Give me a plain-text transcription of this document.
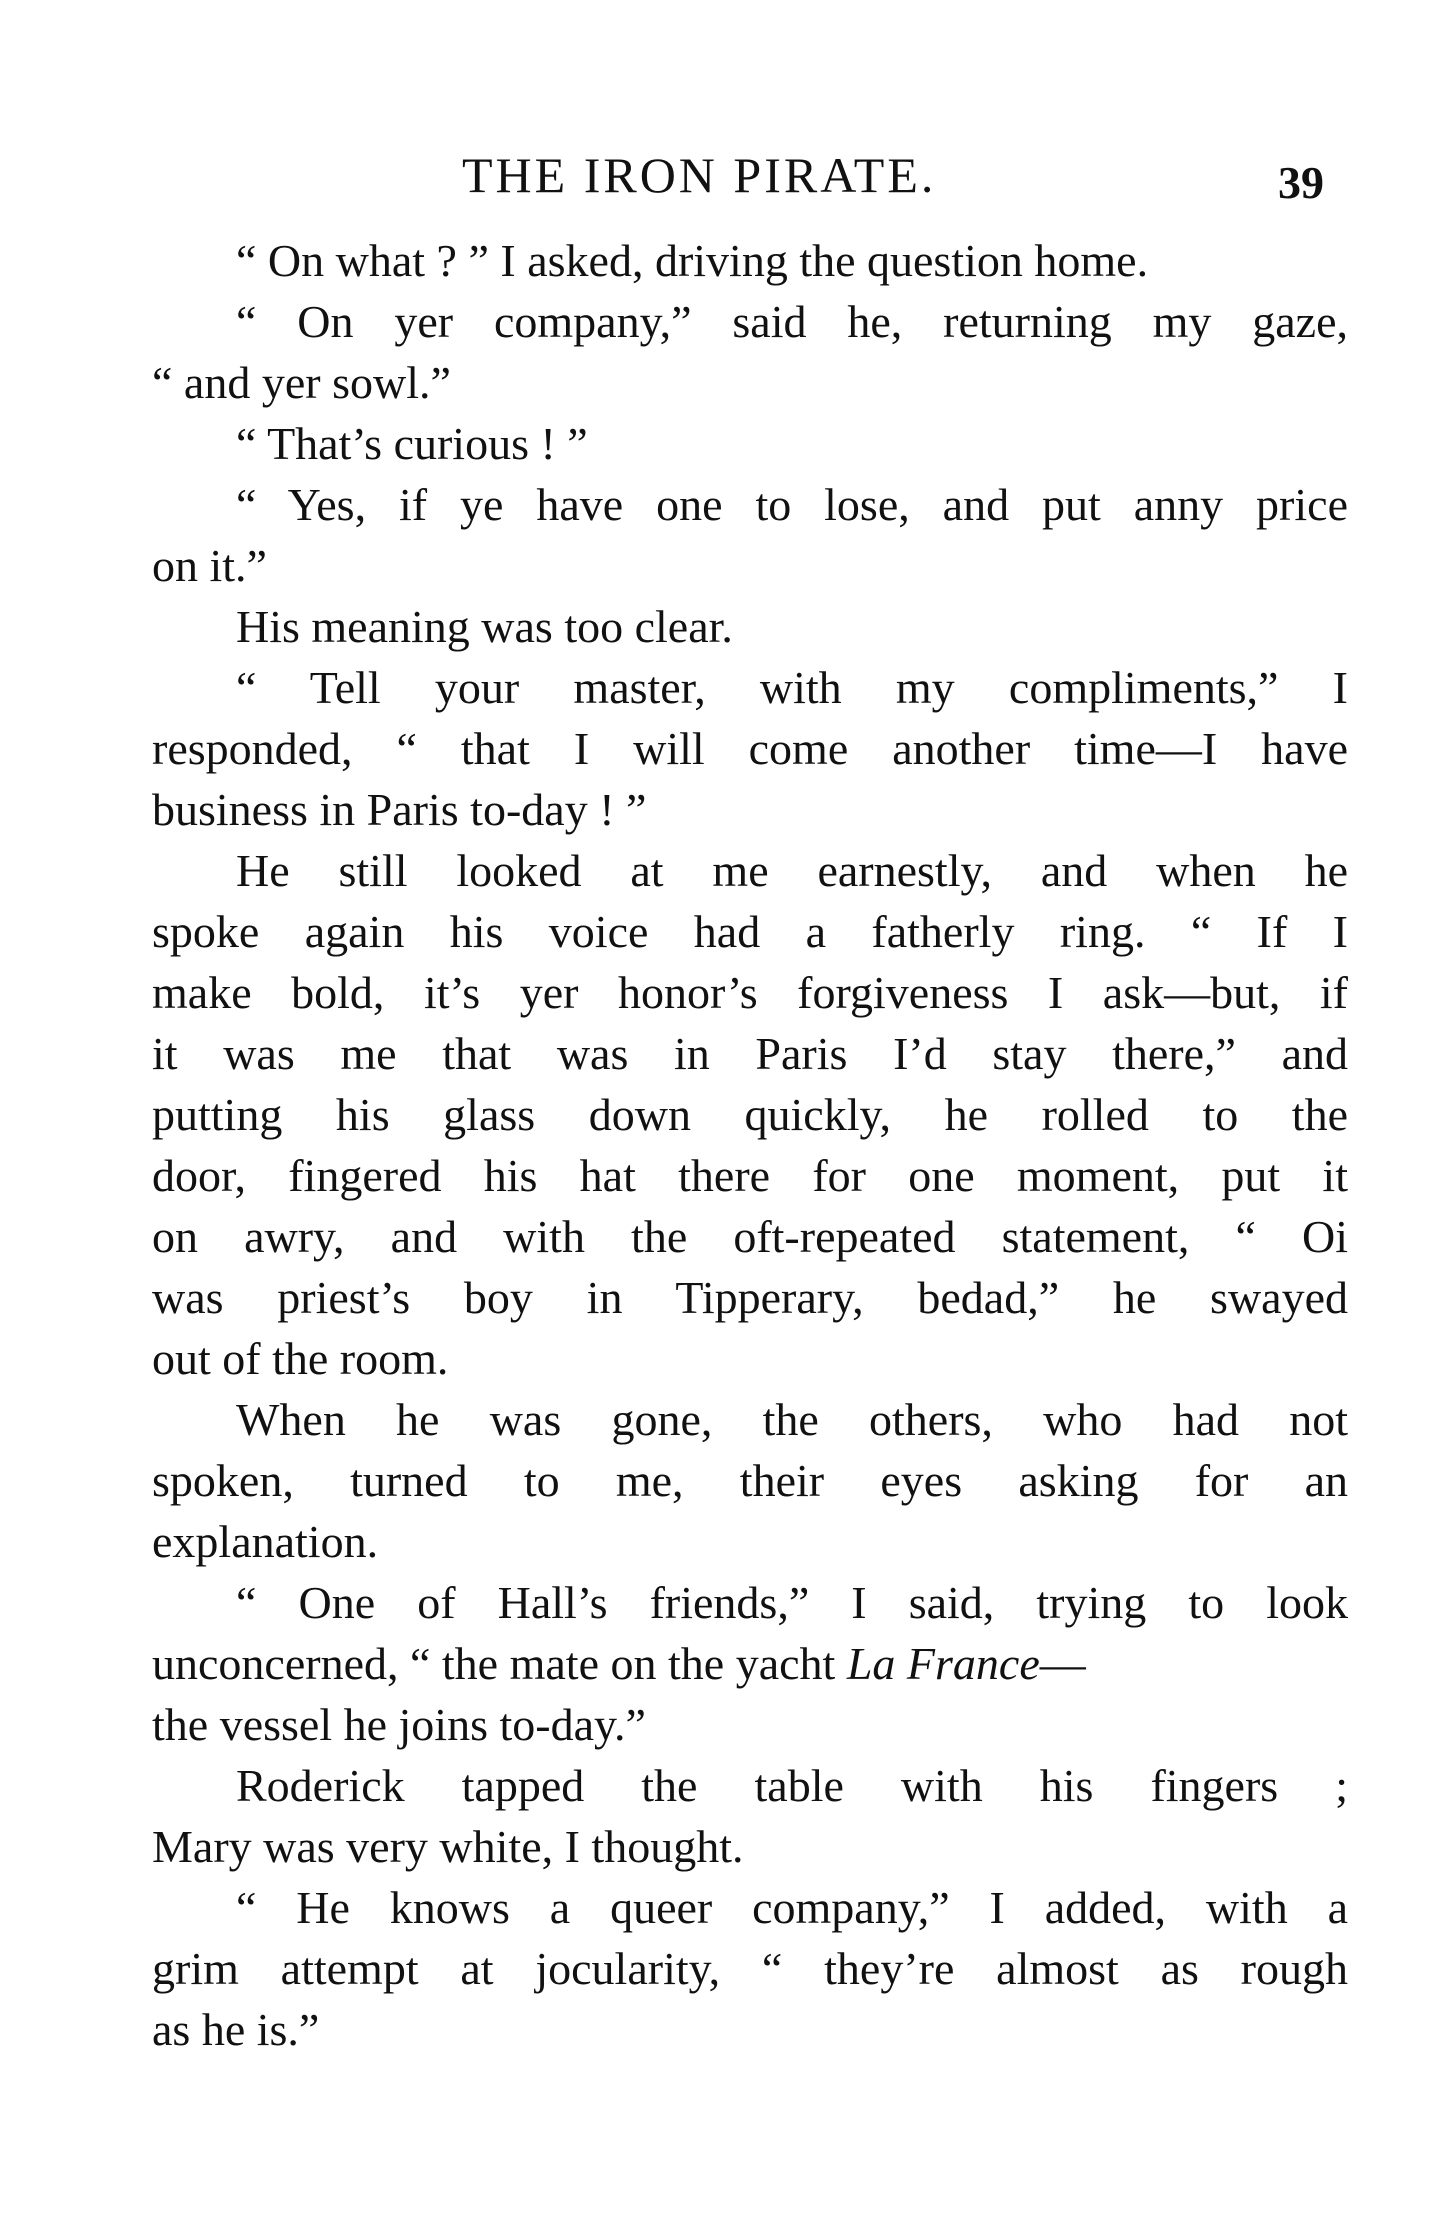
THE IRON PIRATE.	39
“ On what ? ” I asked, driving the question home.
“ On yer company,” said he, returning my gaze,
“ and yer sowl.”
“ That’s curious ! ”
“ Yes, if ye have one to lose, and put anny price
on it.”
His meaning was too clear.
“ Tell your master, with my compliments,” I
responded, “ that I will come another time—I have
business in Paris to-day ! ”
He still looked at me earnestly, and when he
spoke again his voice had a fatherly ring. “ If I
make bold, it’s yer honor’s forgiveness I ask—but, if
it was me that was in Paris I’d stay there,” and
putting his glass down quickly, he rolled to the
door, fingered his hat there for one moment, put it
on awry, and with the oft-repeated statement, “ Oi
was priest’s boy in Tipperary, bedad,” he swayed
out of the room.
When he was gone, the others, who had not
spoken, turned to me, their eyes asking for an
explanation.
“ One of Hall’s friends,” I said, trying to look
unconcerned, “ the mate on the yacht La France—
the vessel he joins to-day.”
Roderick tapped the table with his fingers ;
Mary was very white, I thought.
“ He knows a queer company,” I added, with a
grim attempt at jocularity, “ they’re almost as rough
as he is.”
